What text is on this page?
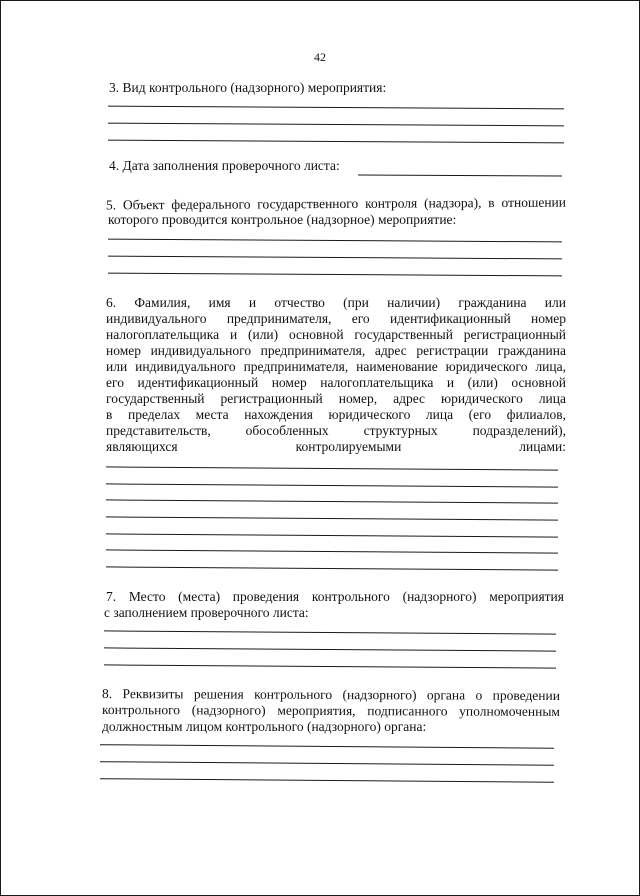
42
3. Вид контрольного (надзорного) мероприятия:
4. Дата заполнения проверочного листа:
5. Объект федерального государственного контроля (надзора), в отношении
которого проводится контрольное (надзорное) мероприятие:
6. Фамилия, имя и отчество (при наличии) гражданина или
индивидуального предпринимателя, его идентификационный номер
налогоплательщика и (или) основной государственный регистрационный
номер индивидуального предпринимателя, адрес регистрации гражданина
или индивидуального предпринимателя, наименование юридического лица,
его идентификационный номер налогоплательщика и (или) основной
государственный регистрационный номер, адрес юридического лица
в пределах места нахождения юридического лица (его филиалов,
представительств, обособленных структурных подразделений),
являющихся контролируемыми лицами:
7. Место (места) проведения контрольного (надзорного) мероприятия
с заполнением проверочного листа:
8. Реквизиты решения контрольного (надзорного) органа о проведении
контрольного (надзорного) мероприятия, подписанного уполномоченным
должностным лицом контрольного (надзорного) органа:
